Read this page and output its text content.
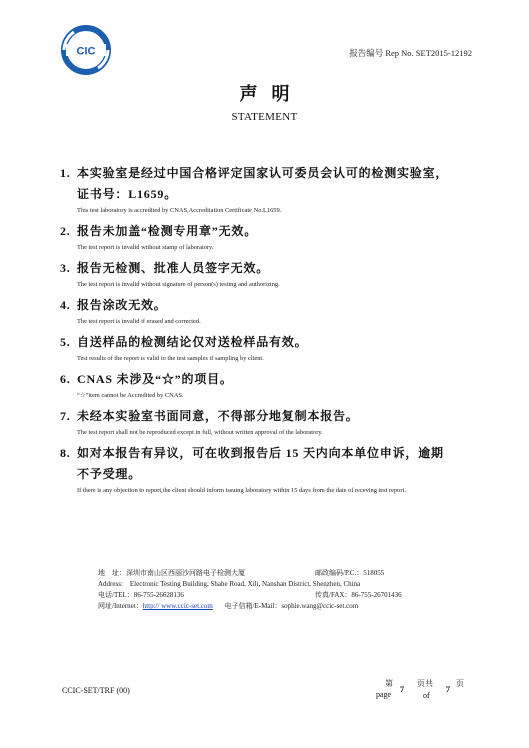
CIC	报告编号 Rep No. SET2015-12192
声明
STATEMENT
1. 本实验室是经过中国合格评定国家认可委员会认可的检测实验室，证书号：L1659。
This test laboratory is accredited by CNAS,Accreditation Certificate No.L1659.
2. 报告未加盖“检测专用章”无效。
The test report is invalid without stamp of laboratory.
3. 报告无检测、批准人员签字无效。
The test report is invalid without signature of person(s) testing and authorizing.
4. 报告涂改无效。
The test report is invalid if erased and corrected.
5. 自送样品的检测结论仅对送检样品有效。
Test results of the report is valid to the test samples if sampling by client.
6. CNAS 未涉及“☆”的项目。
“☆”item cannot be Accredited by CNAS.
7. 未经本实验室书面同意，不得部分地复制本报告。
The test report shall not be reproduced except in full, without written approval of the laboratory.
8. 如对本报告有异议，可在收到报告后 15 天内向本单位申诉，逾期不予受理。
If there is any objection to report,the client should inform issuing laboratory within 15 days from the date of receving test report.
地　址：深圳市南山区西丽沙河路电子检测大厦	邮政编码/P.C.：518055
Address:　Electronic Testing Building, Shahe Road, Xili, Nanshan District, Shenzhen, China
电话/TEL：86-755-26628136	传真/FAX：86-755-26701436
网址/Internet：http:// www.ccic-set.com 电子信箱/E-Mail：sophie.wang@ccic-set.com
CCIC-SET/TRF (00)
第
page
7
页共
of
7
页
